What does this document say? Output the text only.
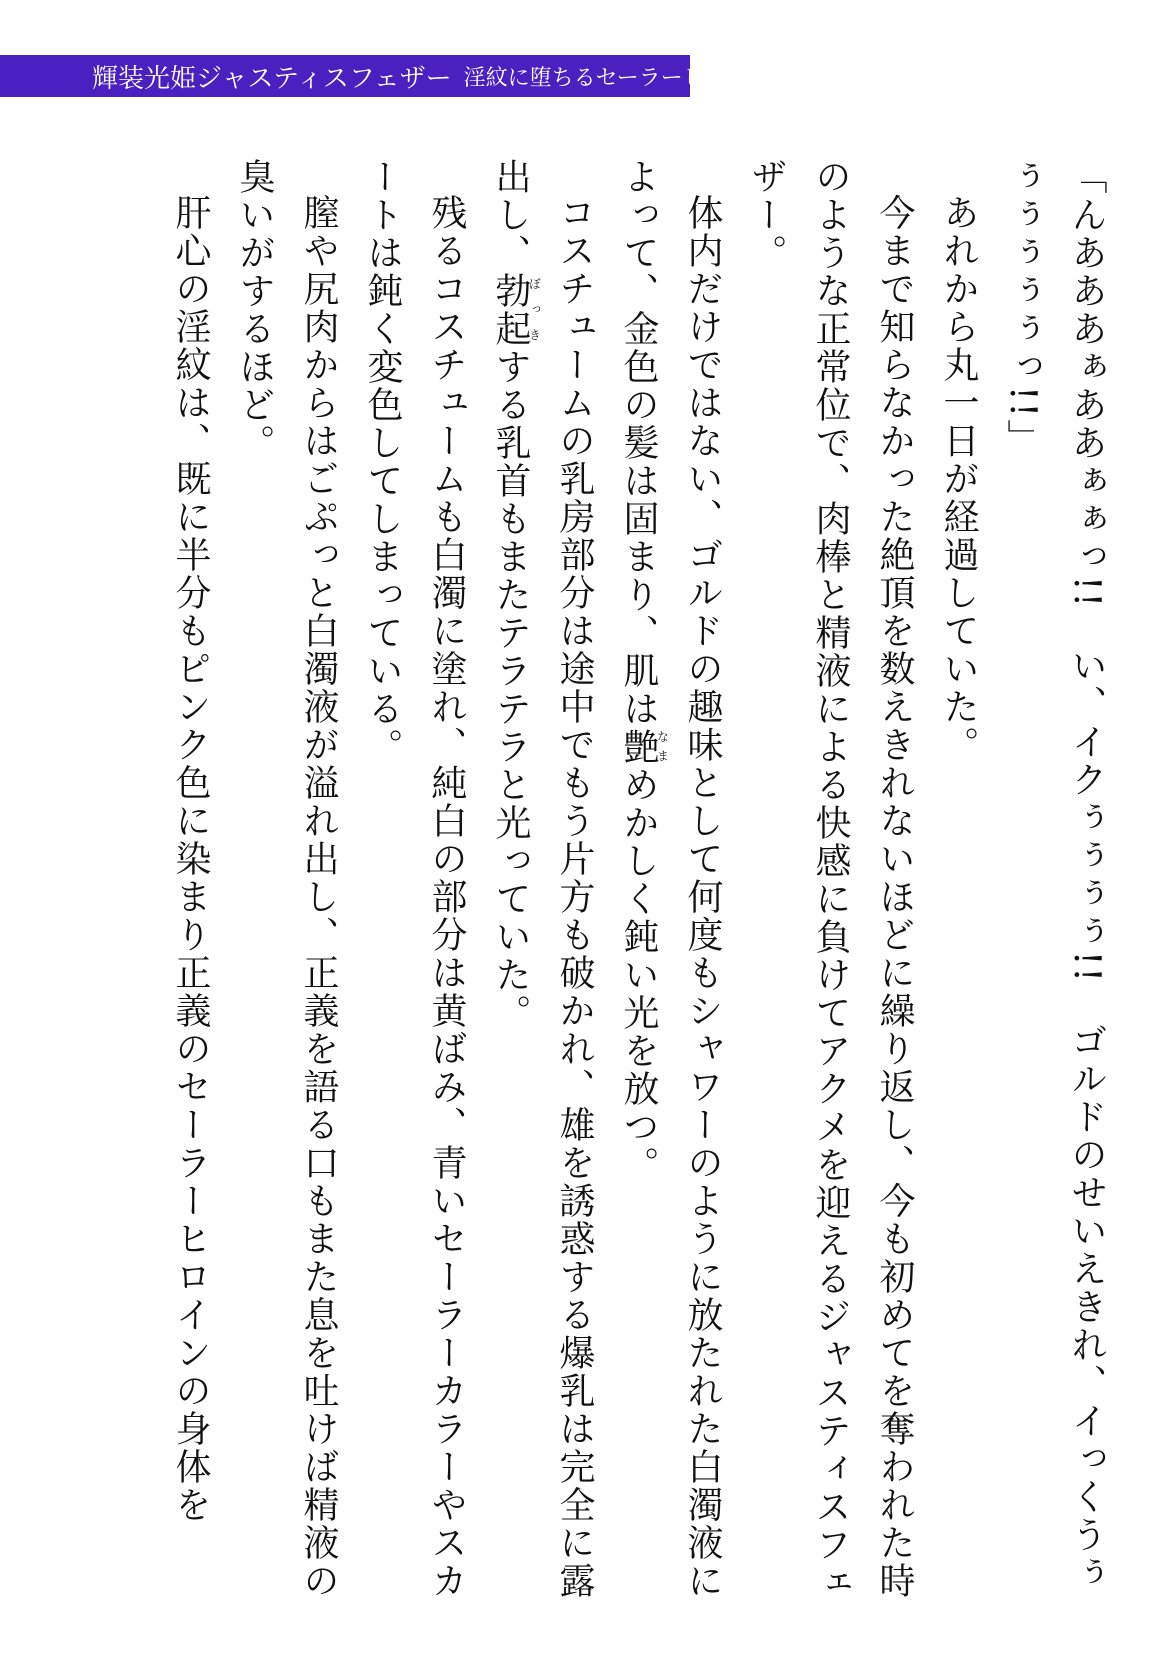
輝装光姫ジャスティスフェザー 淫紋に堕ちるセーラーヒロイン

「んあああぁああぁぁっ!!　い、イクぅぅぅぅ!!　ゴルドのせいえきれ、イっくうぅぅぅぅぅぅっ!!」

あれから丸一日が経過していた。

今まで知らなかった絶頂を数えきれないほどに繰り返し、今も初めてを奪われた時のような正常位で、肉棒と精液による快感に負けてアクメを迎えるジャスティスフェザー。

体内だけではない、ゴルドの趣味として何度もシャワーのように放たれた白濁液によって、金色の髪は固まり、肌は艶なまめかしく鈍い光を放つ。

コスチュームの乳房部分は途中でもう片方も破かれ、雄を誘惑する爆乳は完全に露出し、勃起ぼっきする乳首もまたテラテラと光っていた。

残るコスチュームも白濁に塗れ、純白の部分は黄ばみ、青いセーラーカラーやスカートは鈍く変色してしまっている。

膣や尻肉からはごぷっと白濁液が溢れ出し、正義を語る口もまた息を吐けば精液の臭いがするほど。

肝心の淫紋は、既に半分もピンク色に染まり正義のセーラーヒロインの身体を
